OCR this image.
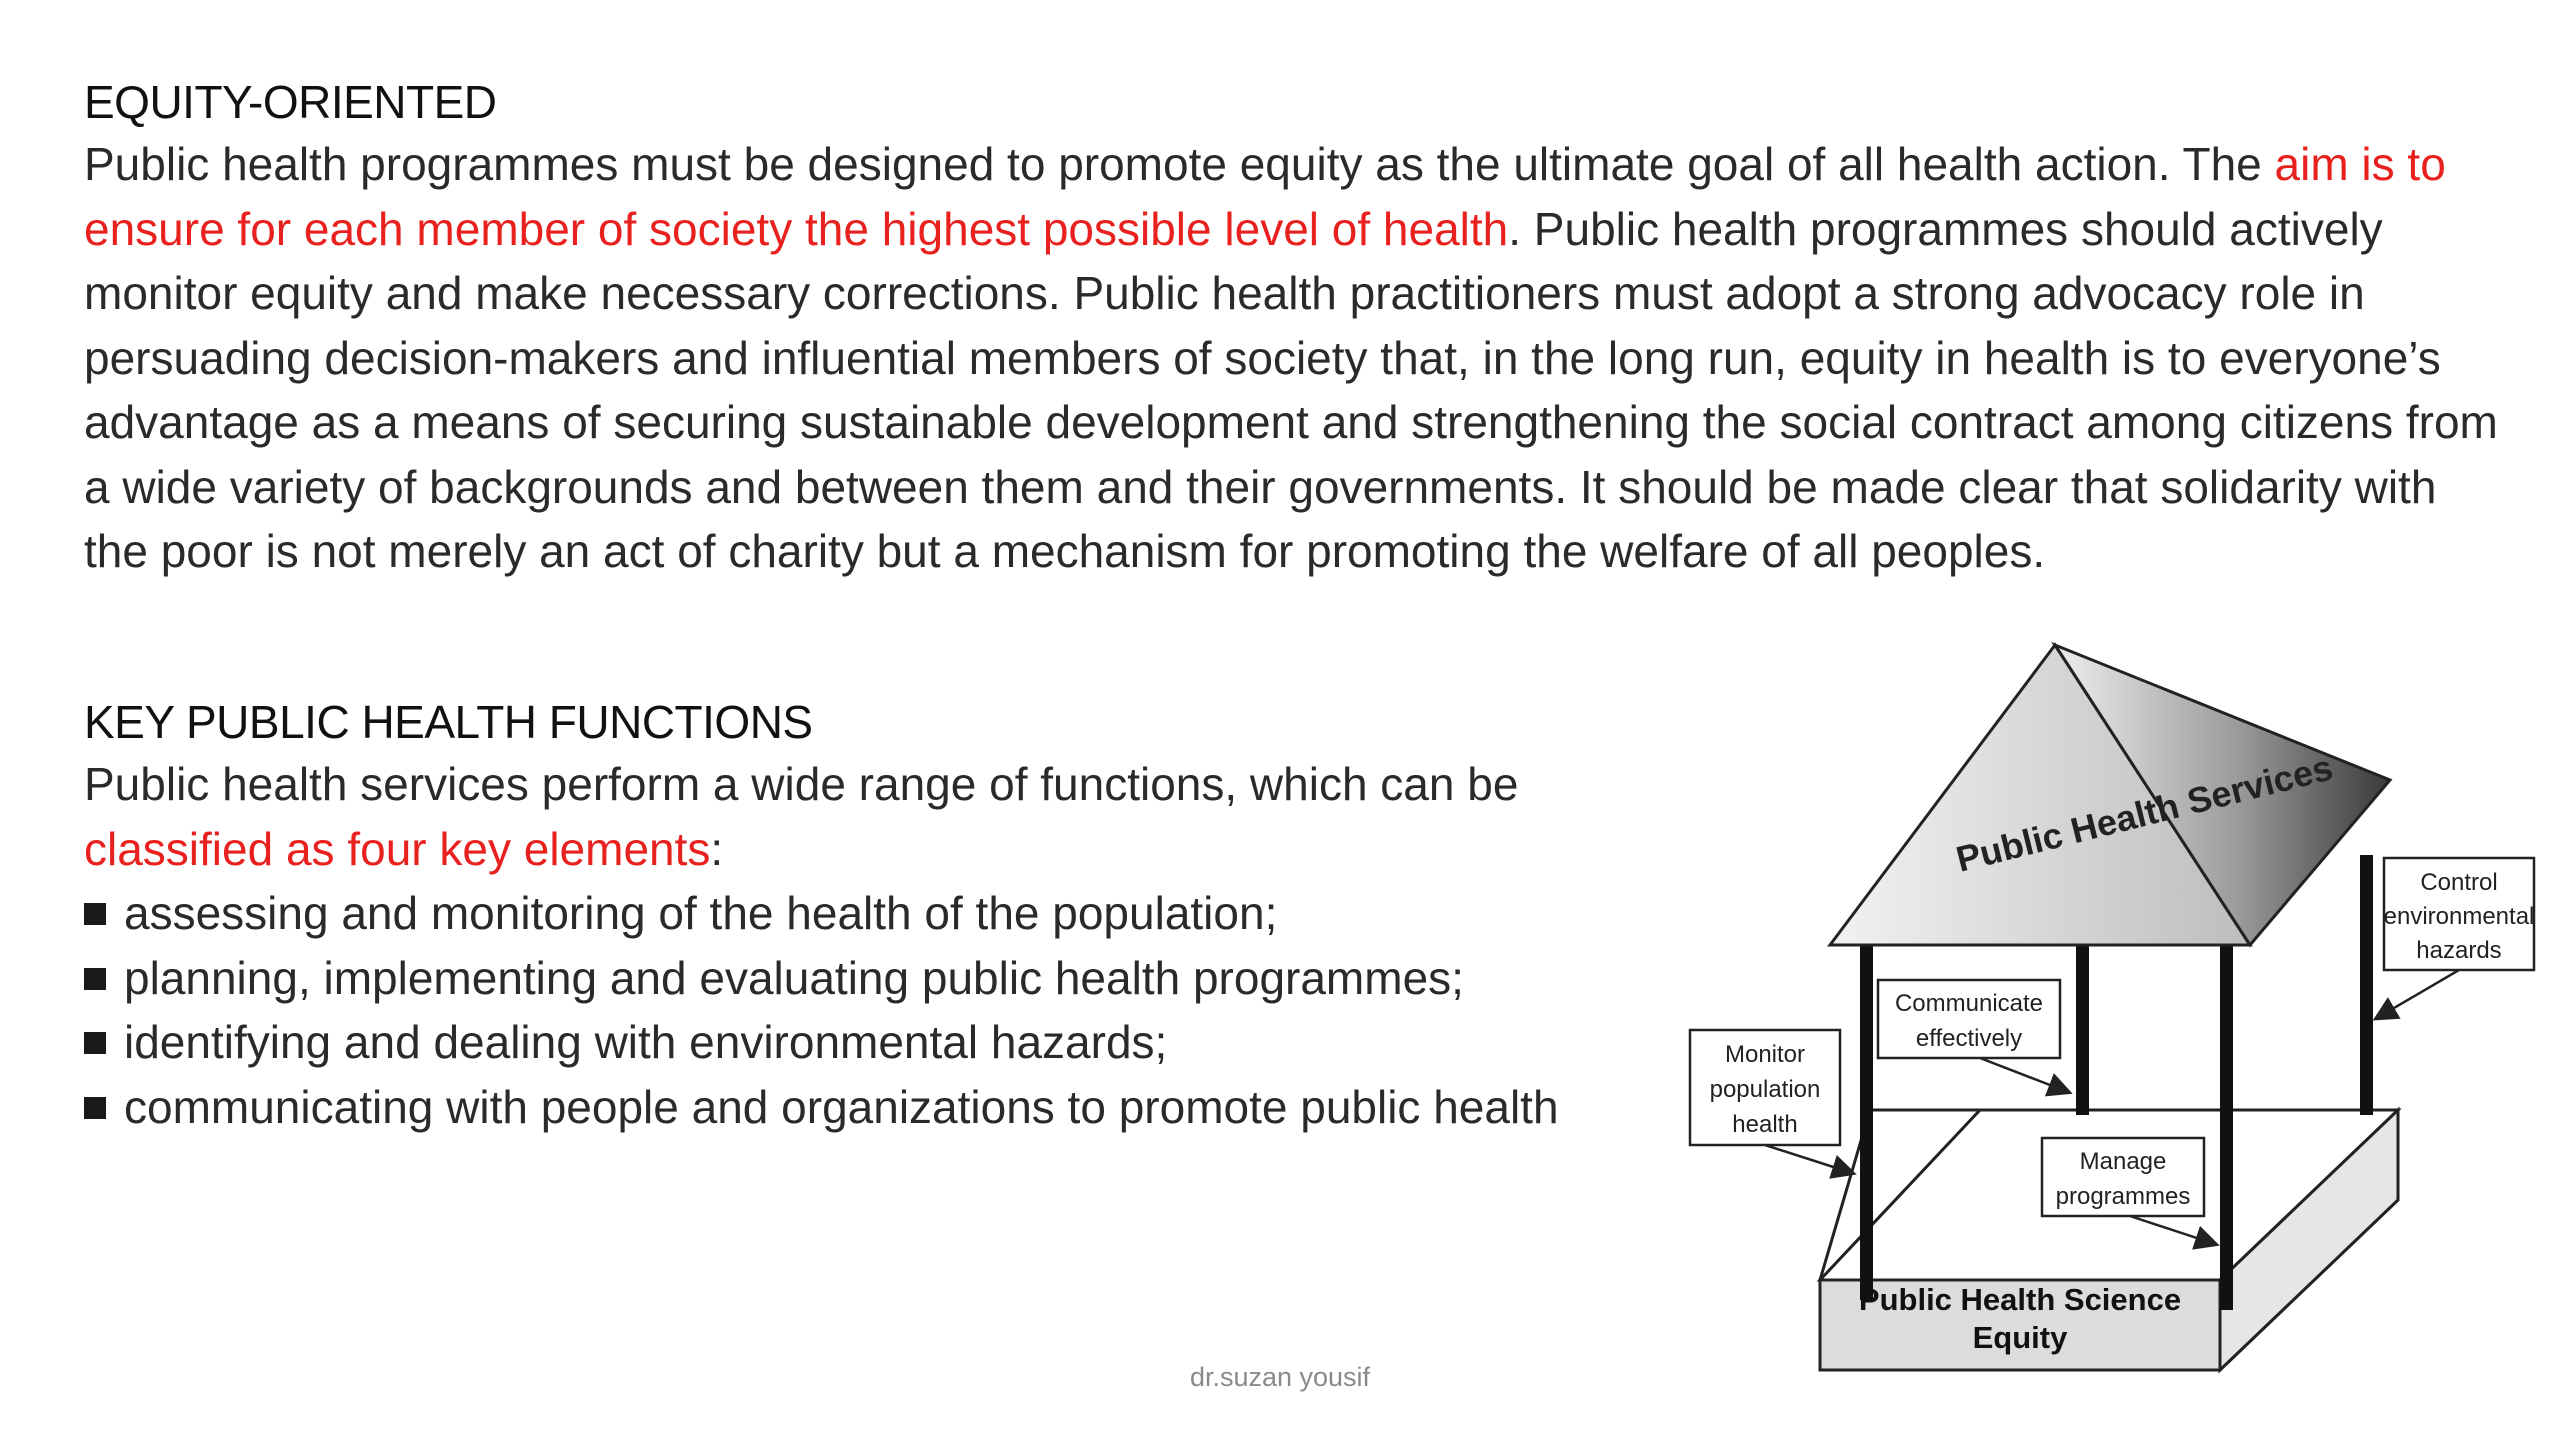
EQUITY-ORIENTED

Public health programmes must be designed to promote equity as the ultimate goal of all health action. The aim is to ensure for each member of society the highest possible level of health. Public health programmes should actively monitor equity and make necessary corrections. Public health practitioners must adopt a strong advocacy role in persuading decision-makers and influential members of society that, in the long run, equity in health is to everyone’s advantage as a means of securing sustainable development and strengthening the social contract among citizens from a wide variety of backgrounds and between them and their governments. It should be made clear that solidarity with the poor is not merely an act of charity but a mechanism for promoting the welfare of all peoples.

KEY PUBLIC HEALTH FUNCTIONS
Public health services perform a wide range of functions, which can be classified as four key elements:
assessing and monitoring of the health of the population;
planning, implementing and evaluating public health programmes;
identifying and dealing with environmental hazards;
communicating with people and organizations to promote public health
Public Health Services
Public Health Science
Equity
Monitor
population
health
Communicate
effectively
Manage
programmes
Control
environmental
hazards
dr.suzan yousif
